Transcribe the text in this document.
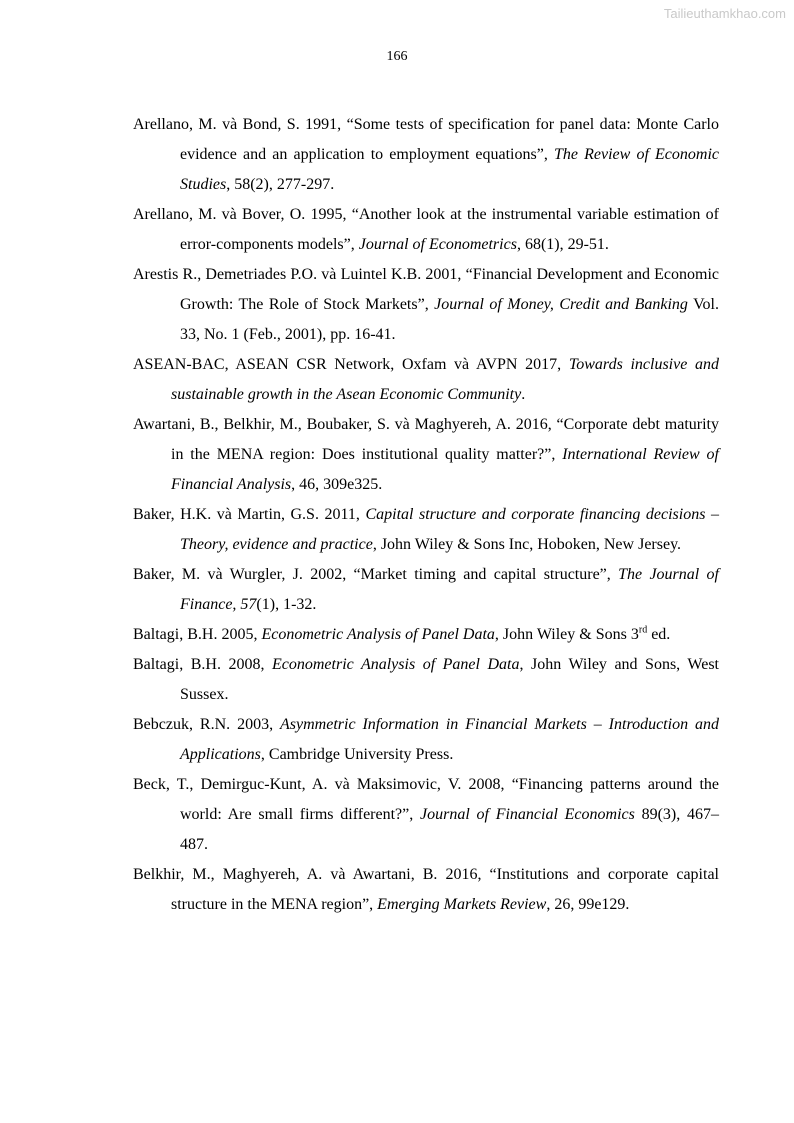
Tailieuthamkhao.com
166

Arellano, M. và Bond, S. 1991, “Some tests of specification for panel data: Monte Carlo evidence and an application to employment equations”, The Review of Economic Studies, 58(2), 277-297.

Arellano, M. và Bover, O. 1995, “Another look at the instrumental variable estimation of error-components models”, Journal of Econometrics, 68(1), 29-51.

Arestis R., Demetriades P.O. và Luintel K.B. 2001, “Financial Development and Economic Growth: The Role of Stock Markets”, Journal of Money, Credit and Banking Vol. 33, No. 1 (Feb., 2001), pp. 16-41.

ASEAN-BAC, ASEAN CSR Network, Oxfam và AVPN 2017, Towards inclusive and sustainable growth in the Asean Economic Community.

Awartani, B., Belkhir, M., Boubaker, S. và Maghyereh, A. 2016, “Corporate debt maturity in the MENA region: Does institutional quality matter?”, International Review of Financial Analysis, 46, 309e325.

Baker, H.K. và Martin, G.S. 2011, Capital structure and corporate financing decisions – Theory, evidence and practice, John Wiley & Sons Inc, Hoboken, New Jersey.

Baker, M. và Wurgler, J. 2002, “Market timing and capital structure”, The Journal of Finance, 57(1), 1-32.

Baltagi, B.H. 2005, Econometric Analysis of Panel Data, John Wiley & Sons 3rd ed.

Baltagi, B.H. 2008, Econometric Analysis of Panel Data, John Wiley and Sons, West Sussex.

Bebczuk, R.N. 2003, Asymmetric Information in Financial Markets – Introduction and Applications, Cambridge University Press.

Beck, T., Demirguc-Kunt, A. và Maksimovic, V. 2008, “Financing patterns around the world: Are small firms different?”, Journal of Financial Economics 89(3), 467–487.

Belkhir, M., Maghyereh, A. và Awartani, B. 2016, “Institutions and corporate capital structure in the MENA region”, Emerging Markets Review, 26, 99e129.
